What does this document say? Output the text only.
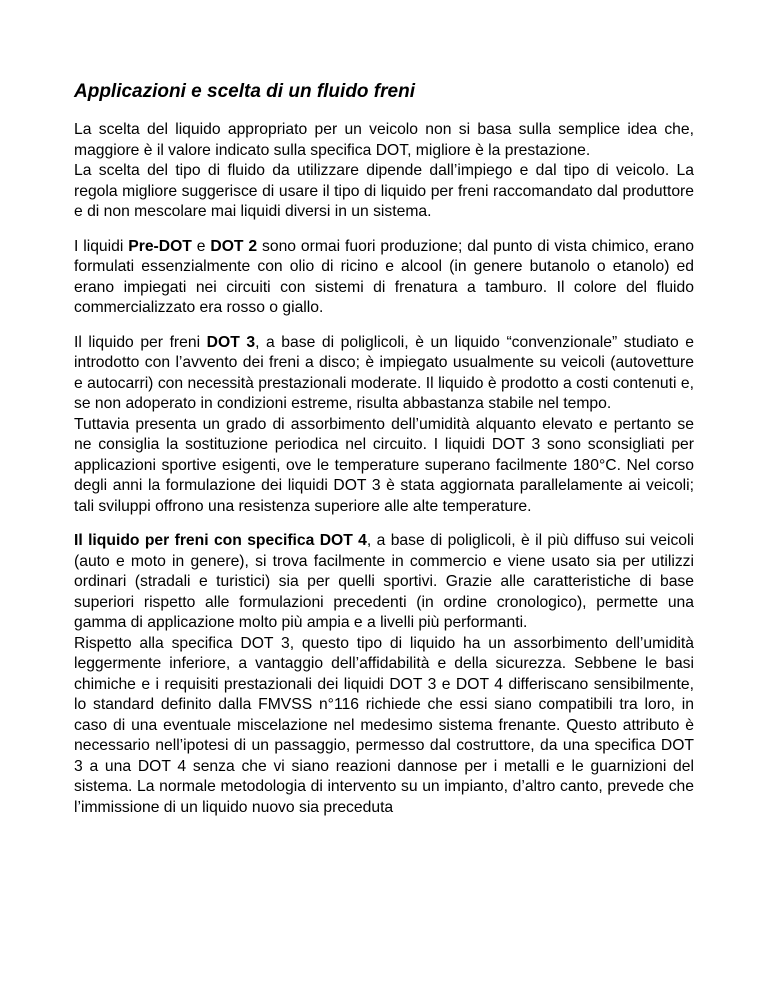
Applicazioni e scelta di un fluido freni

La scelta del liquido appropriato per un veicolo non si basa sulla semplice idea che, maggiore è il valore indicato sulla specifica DOT, migliore è la prestazione.

La scelta del tipo di fluido da utilizzare dipende dall’impiego e dal tipo di veicolo. La regola migliore suggerisce di usare il tipo di liquido per freni raccomandato dal produttore e di non mescolare mai liquidi diversi in un sistema.

I liquidi Pre-DOT e DOT 2 sono ormai fuori produzione; dal punto di vista chimico, erano formulati essenzialmente con olio di ricino e alcool (in genere butanolo o etanolo) ed erano impiegati nei circuiti con sistemi di frenatura a tamburo. Il colore del fluido commercializzato era rosso o giallo.

Il liquido per freni DOT 3, a base di poliglicoli, è un liquido “convenzionale” studiato e introdotto con l’avvento dei freni a disco; è impiegato usualmente su veicoli (autovetture e autocarri) con necessità prestazionali moderate. Il liquido è prodotto a costi contenuti e, se non adoperato in condizioni estreme, risulta abbastanza stabile nel tempo.

Tuttavia presenta un grado di assorbimento dell’umidità alquanto elevato e pertanto se ne consiglia la sostituzione periodica nel circuito. I liquidi DOT 3 sono sconsigliati per applicazioni sportive esigenti, ove le temperature superano facilmente 180°C. Nel corso degli anni la formulazione dei liquidi DOT 3 è stata aggiornata parallelamente ai veicoli; tali sviluppi offrono una resistenza superiore alle alte temperature.

Il liquido per freni con specifica DOT 4, a base di poliglicoli, è il più diffuso sui veicoli (auto e moto in genere), si trova facilmente in commercio e viene usato sia per utilizzi ordinari (stradali e turistici) sia per quelli sportivi. Grazie alle caratteristiche di base superiori rispetto alle formulazioni precedenti (in ordine cronologico), permette una gamma di applicazione molto più ampia e a livelli più performanti.

Rispetto alla specifica DOT 3, questo tipo di liquido ha un assorbimento dell’umidità leggermente inferiore, a vantaggio dell’affidabilità e della sicurezza. Sebbene le basi chimiche e i requisiti prestazionali dei liquidi DOT 3 e DOT 4 differiscano sensibilmente, lo standard definito dalla FMVSS n°116 richiede che essi siano compatibili tra loro, in caso di una eventuale miscelazione nel medesimo sistema frenante. Questo attributo è necessario nell’ipotesi di un passaggio, permesso dal costruttore, da una specifica DOT 3 a una DOT 4 senza che vi siano reazioni dannose per i metalli e le guarnizioni del sistema. La normale metodologia di intervento su un impianto, d’altro canto, prevede che l’immissione di un liquido nuovo sia preceduta
